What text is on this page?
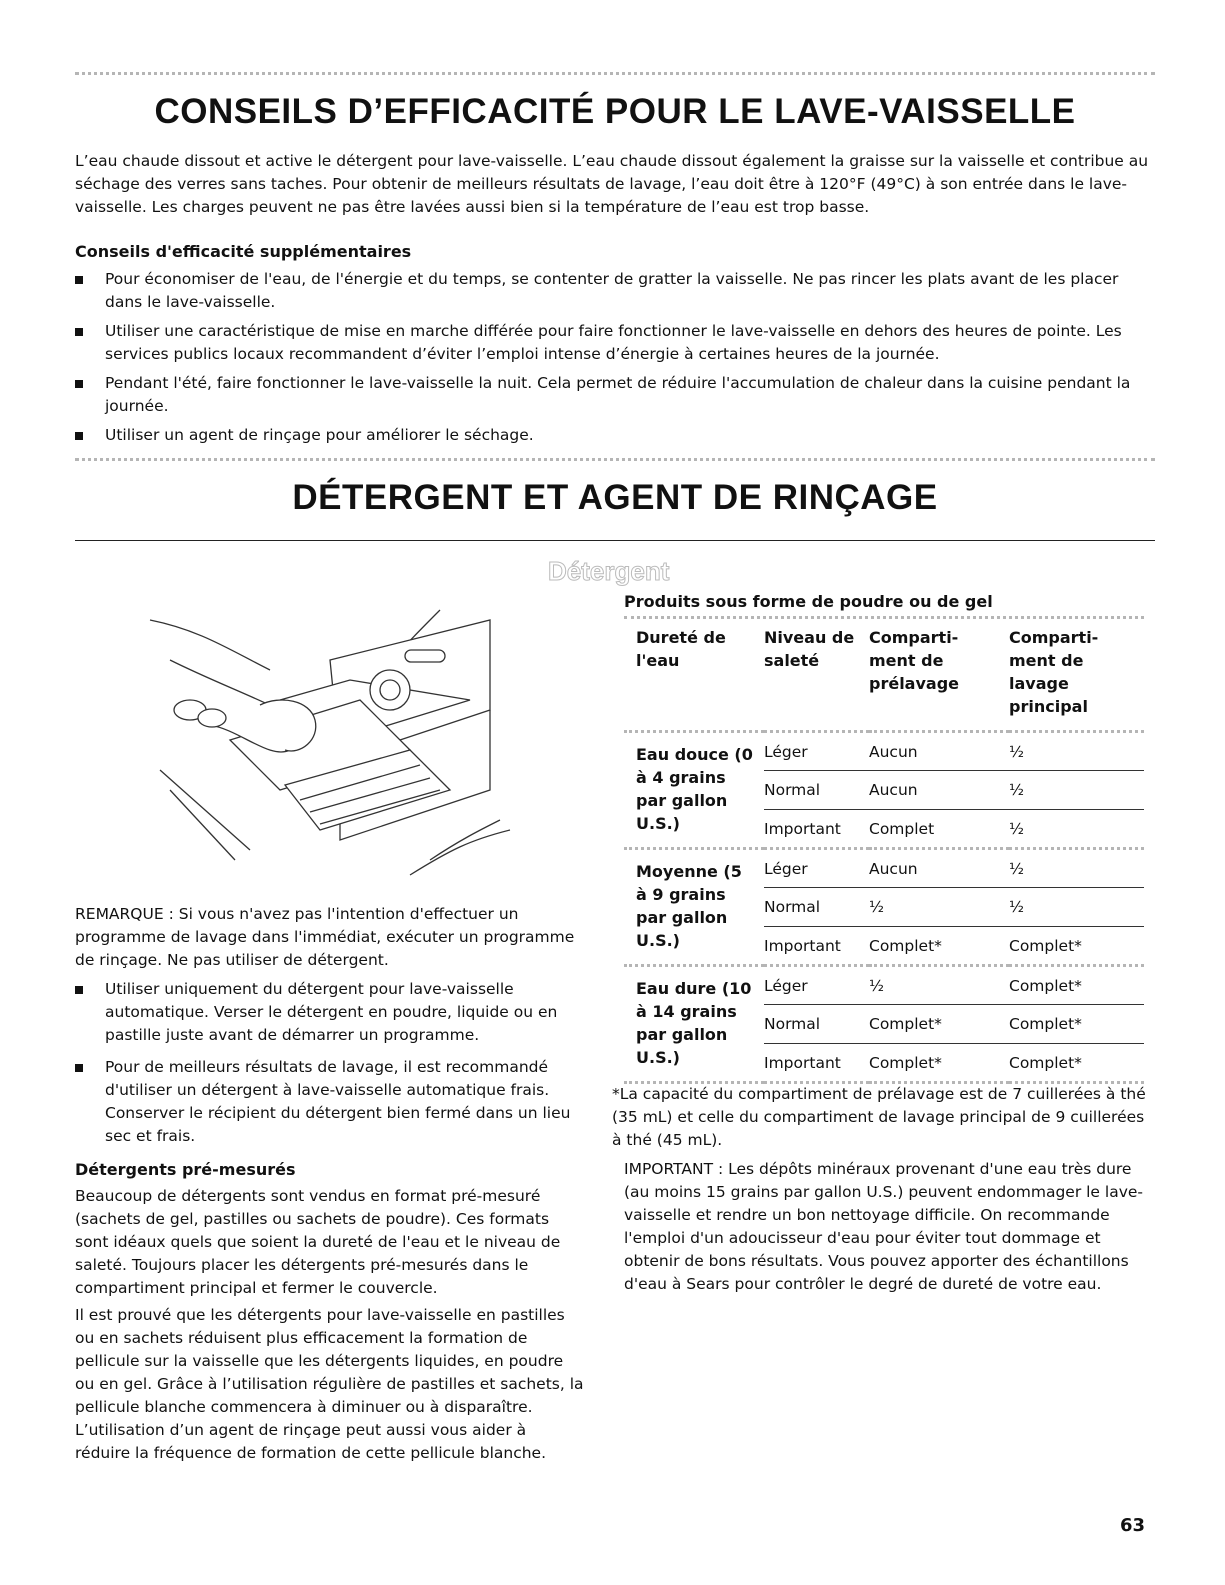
CONSEILS D’EFFICACITÉ POUR LE LAVE-VAISSELLE

L’eau chaude dissout et active le détergent pour lave-vaisselle. L’eau chaude dissout également la graisse sur la vaisselle et contribue au séchage des verres sans taches. Pour obtenir de meilleurs résultats de lavage, l’eau doit être à 120°F (49°C) à son entrée dans le lave-vaisselle. Les charges peuvent ne pas être lavées aussi bien si la température de l’eau est trop basse.

Conseils d'efficacité supplémentaires

Pour économiser de l'eau, de l'énergie et du temps, se contenter de gratter la vaisselle. Ne pas rincer les plats avant de les placer dans le lave-vaisselle.
Utiliser une caractéristique de mise en marche différée pour faire fonctionner le lave-vaisselle en dehors des heures de pointe. Les services publics locaux recommandent d’éviter l’emploi intense d’énergie à certaines heures de la journée.
Pendant l'été, faire fonctionner le lave-vaisselle la nuit. Cela permet de réduire l'accumulation de chaleur dans la cuisine pendant la journée.
Utiliser un agent de rinçage pour améliorer le séchage.
DÉTERGENT ET AGENT DE RINÇAGE
Détergent

REMARQUE : Si vous n'avez pas l'intention d'effectuer un programme de lavage dans l'immédiat, exécuter un programme de rinçage. Ne pas utiliser de détergent.

Utiliser uniquement du détergent pour lave-vaisselle automatique. Verser le détergent en poudre, liquide ou en pastille juste avant de démarrer un programme.
Pour de meilleurs résultats de lavage, il est recommandé d'utiliser un détergent à lave-vaisselle automatique frais. Conserver le récipient du détergent bien fermé dans un lieu sec et frais.

Détergents pré-mesurés

Beaucoup de détergents sont vendus en format pré-mesuré (sachets de gel, pastilles ou sachets de poudre). Ces formats sont idéaux quels que soient la dureté de l'eau et le niveau de saleté. Toujours placer les détergents pré-mesurés dans le compartiment principal et fermer le couvercle.

Il est prouvé que les détergents pour lave-vaisselle en pastilles ou en sachets réduisent plus efficacement la formation de pellicule sur la vaisselle que les détergents liquides, en poudre ou en gel. Grâce à l’utilisation régulière de pastilles et sachets, la pellicule blanche commencera à diminuer ou à disparaître. L’utilisation d’un agent de rinçage peut aussi vous aider à réduire la fréquence de formation de cette pellicule blanche.

Produits sous forme de poudre ou de gel

Dureté de l'eau	Niveau de saleté	Comparti-ment de prélavage	Comparti-ment de lavage principal
Eau douce (0 à 4 grains par gallon U.S.)	Léger	Aucun	½
	Normal	Aucun	½
	Important	Complet	½
Moyenne (5 à 9 grains par gallon U.S.)	Léger	Aucun	½
	Normal	½	½
	Important	Complet*	Complet*
Eau dure (10 à 14 grains par gallon U.S.)	Léger	½	Complet*
	Normal	Complet*	Complet*
	Important	Complet*	Complet*

*La capacité du compartiment de prélavage est de 7 cuillerées à thé (35 mL) et celle du compartiment de lavage principal de 9 cuillerées à thé (45 mL).

IMPORTANT : Les dépôts minéraux provenant d'une eau très dure (au moins 15 grains par gallon U.S.) peuvent endommager le lave-vaisselle et rendre un bon nettoyage difficile. On recommande l'emploi d'un adoucisseur d'eau pour éviter tout dommage et obtenir de bons résultats. Vous pouvez apporter des échantillons d'eau à Sears pour contrôler le degré de dureté de votre eau.

63
